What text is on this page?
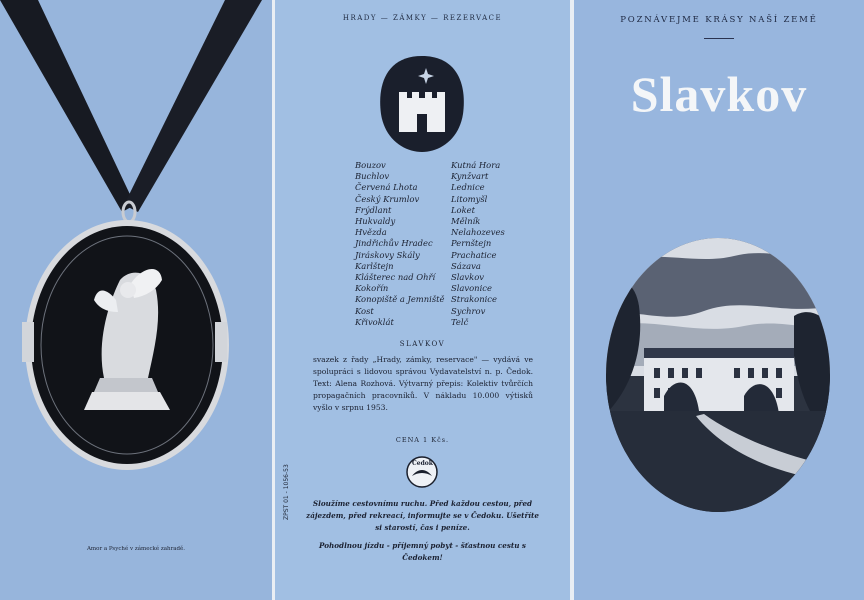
Amor a Psyché v zámecké zahradě.
HRADY — ZÁMKY — REZERVACE
Bouzov
Buchlov
Červená Lhota
Český Krumlov
Frýdlant
Hukvaldy
Hvězda
Jindřichův Hradec
Jiráskovy Skály
Karlštejn
Klášterec nad Ohří
Kokořín
Konopiště a Jemniště
Kost
Křivoklát
Kutná Hora
Kynžvart
Lednice
Litomyšl
Loket
Mělník
Nelahozeves
Pernštejn
Prachatice
Sázava
Slavkov
Slavonice
Strakonice
Sychrov
Telč
SLAVKOV
svazek z řady „Hrady, zámky, reservace" — vydává ve spolupráci s lidovou správou Vydavatelství n. p. Čedok. Text: Alena Rozhová. Výtvarný přepis: Kolektiv tvůrčích propagačních pracovníků. V nákladu 10.000 výtisků vyšlo v srpnu 1953.
CENA 1 Kčs.
Čedok
Sloužíme cestovnímu ruchu. Před každou cestou, před zájezdem, před rekreací, informujte se v Čedoku. Ušetříte si starostí, čas i peníze.
Pohodlnou jízdu - příjemný pobyt - šťastnou cestu s Čedokem!
ZPST 01 - 1056-53
POZNÁVEJME KRÁSY NAŠÍ ZEMĚ
Slavkov
